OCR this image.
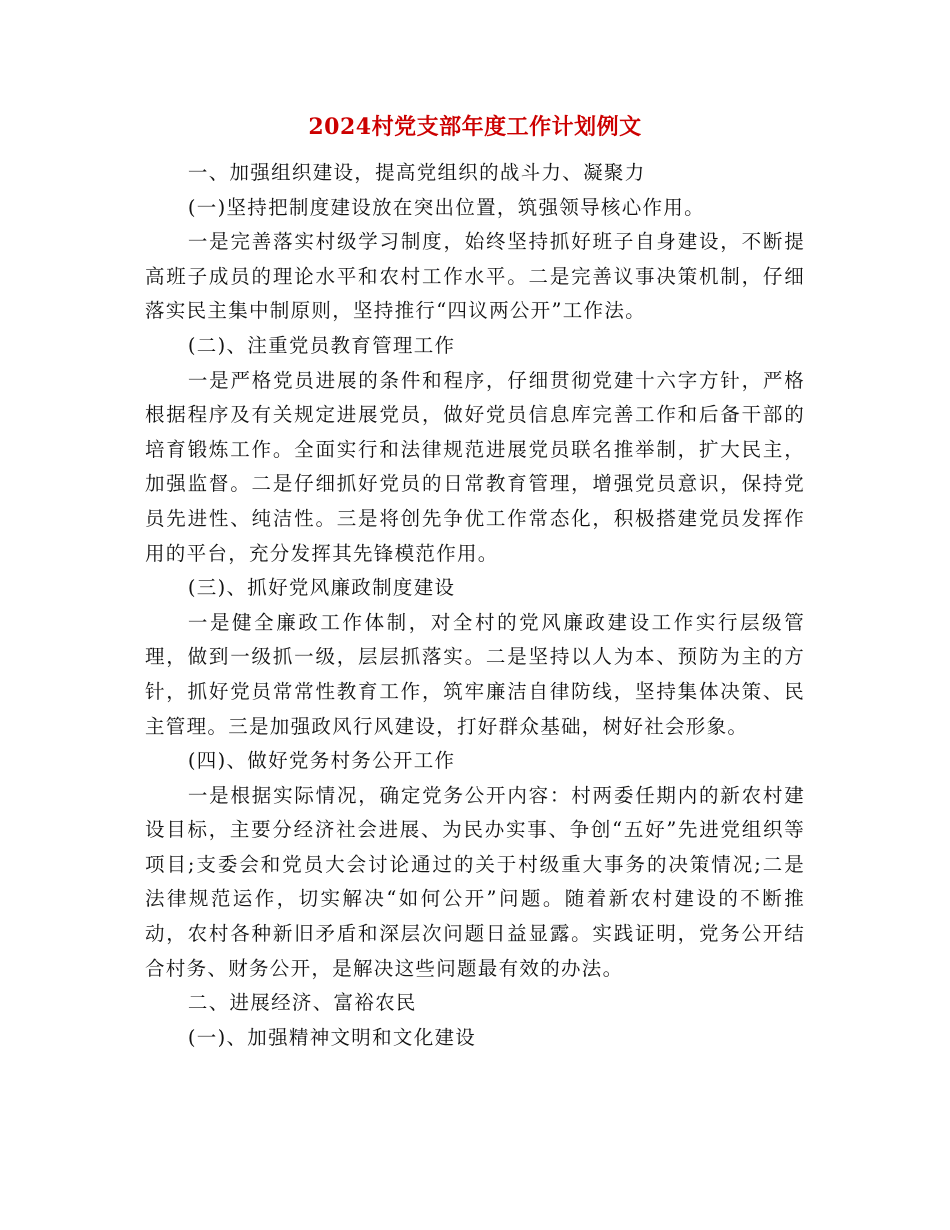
2024村党支部年度工作计划例文

一、加强组织建设，提高党组织的战斗力、凝聚力

(一)坚持把制度建设放在突出位置，筑强领导核心作用。

一是完善落实村级学习制度，始终坚持抓好班子自身建设，不断提高班子成员的理论水平和农村工作水平。二是完善议事决策机制，仔细落实民主集中制原则，坚持推行“四议两公开”工作法。

(二)、注重党员教育管理工作

一是严格党员进展的条件和程序，仔细贯彻党建十六字方针，严格根据程序及有关规定进展党员，做好党员信息库完善工作和后备干部的培育锻炼工作。全面实行和法律规范进展党员联名推举制，扩大民主，加强监督。二是仔细抓好党员的日常教育管理，增强党员意识，保持党员先进性、纯洁性。三是将创先争优工作常态化，积极搭建党员发挥作用的平台，充分发挥其先锋模范作用。

(三)、抓好党风廉政制度建设

一是健全廉政工作体制，对全村的党风廉政建设工作实行层级管理，做到一级抓一级，层层抓落实。二是坚持以人为本、预防为主的方针，抓好党员常常性教育工作，筑牢廉洁自律防线，坚持集体决策、民主管理。三是加强政风行风建设，打好群众基础，树好社会形象。

(四)、做好党务村务公开工作

一是根据实际情况，确定党务公开内容：村两委任期内的新农村建设目标，主要分经济社会进展、为民办实事、争创“五好”先进党组织等项目;支委会和党员大会讨论通过的关于村级重大事务的决策情况;二是法律规范运作，切实解决“如何公开”问题。随着新农村建设的不断推动，农村各种新旧矛盾和深层次问题日益显露。实践证明，党务公开结合村务、财务公开，是解决这些问题最有效的办法。

二、进展经济、富裕农民

(一)、加强精神文明和文化建设
